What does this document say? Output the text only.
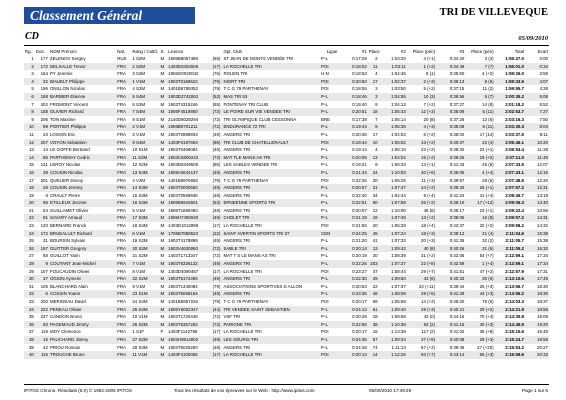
Classement Général	TRI DE VILLEVEQUE
CD	05/09/2010
Rg.	Dos.	NOM Prénom	Nat.	Rang / Cat.	Cl.	S.	Licence		Opt. Club	Ligue	#1	Place	#2	Place (pén)	#3	Place (pén)	Total	Ecart
1	177	ZELENOV Sergey	RUS	1 S2M		M	1906B8067489	(65)	ST JEAN DE MONTS VENDÉE TRI	P-L	0:17:29	2	1:03:20	4 (+1)	0:34:20	3 (3)	1:55:27.0	0:00
2	172	DELSALLE Trevor	FRA	2 S2M		M	1403D0402506	(17)	LA ROCHELLE TRI	POI	0:18:02	11	1:03:11	1 (+2)	0:34:48	7 (7)	1:56:01.0	0:34
3	164	PY Jeremie	FRA	3 S2M		M	1906G0020042	(76)	ROUEN TRI	H-N	0:18:53	4	1:04:45	8 (1)	0:35:50	4 (+2)	1:59:26.0	3:59
4	32	BIAUELT Philippe	FRA	1 V1M		M	1903T0169622	(79)	NIORT TRI	POI	0:20:50	17	1:02:37	2 (+3)	0:36:13	8 (6)	1:59:33.5	4:07
5	196	ONILLON Nicolas	FRA	4 S2M		M	1401B6789352	(79)	T C G 79 PARTHENAY	POI	0:18:55	3	1:03:50	5 (+2)	0:37:15	11 (2)	1:59:55.7	4:28
6	188	BARBIER Etienne	FRA	5 S4M		M	1903D2742062	(53)	MAS TRI 53	P-L	0:18:46	3	1:04:55	10 (3)	0:36:56	6 (7)	2:00:35.2	5:08
7	402	FROMONT Vincent	FRA	6 S3M		M	1903T4315246	(85)	FONTENAY TRI CLUB	P-L	0:19:40	9	1:04:13	7 (+2)	0:37:27	14 (8)	2:01:18.2	5:52
8	158	OLIVIER Richard	FRA	7 S4M		M	1906F4519950	(72)	LE POIRE SUR VIE VENDEE TRI	P-L	0:20:51	18	1:05:43	12 (+3)	0:35:09	5 (11)	2:02:53.7	7:27
9	206	TON Maxime	FRA	8 S1M		M	2140D6028294	(72)	TRI OLYMPIQUE CLUB CESSONNA	BRE	0:17:38	7	1:06:14	20 (8)	0:37:26	12 (6)	2:03:16.3	7:50
10	99	PORTIER Philippe	FRA	2 V1M		M	1906B0701211	(72)	ENDURANCE 72 TRI	P-L	0:19:44	9	1:05:36	4 (+3)	0:38:08	5 (11)	2:03:30.3	8:04
11	23	LOISON Eric	FRA	3 V1M		M	1903T0889933	(49)	ANGERS TRI	P-L	0:20:36	17	1:04:03	6 (+2)	0:38:02	17 (14)	2:03:37.5	8:11
12	207	VOYON Sebastien	FRA	9 S4M		M	1403F0197693	(85)	TRI CLUB DE CHATELLERAULT	POI	0:19:44	10	1:05:52	13 (+2)	0:40:07	22 (4)	2:05:46.1	10:20
13	14	LE GOFFE Bertrand	FRA	10 S1M		M	1903T0468084	(49)	ANGERS TRI	P-L	0:19:14	4	1:06:10	23 (+2)	0:39:32	24 (+1)	2:06:54.4	11:28
14	86	PARTHENAY Cedric	FRA	11 S2M		M	1903C6800243	(72)	MAT TLE MANS AS TRI	P-L	0:20:05	13	1:04:02	15 (+2)	0:39:26	19 (+2)	2:07:11.0	11:45
15	131	LEROY Nicolas	FRA	12 S2M		M	1903D6349500	(85)	LES SABLES VENDEE TRI	P-L	0:19:21	8	1:06:33	13 (+1)	0:41:43	45 (9)	2:07:33.5	12:07
16	38	COUSIN Nicolas	FRA	13 S4M		M	1906A0644137	(49)	ANGERS TRI	P-L	0:21:44	24	1:10:03	40 (+8)	0:35:06	4 (+4)	2:07:43.1	12:16
17	201	QUELIER Denny	FRA	4 V2M		M	1401B6976650	(79)	T C G 79 PARTHENAY	POI	0:22:26	20	1:05:25	11 (+3)	0:39:57	28 (6)	2:07:48.5	12:20
18	28	COUSIN Jeremy	FRA	14 S3M		M	1903T0000550	(49)	ANGERS TRI	P-L	0:20:57	21	1:07:47	24 (+2)	0:39:33	26 (+1)	2:07:57.2	12:31
19	8	CRAULT Pierre	FRA	15 S3M		M	1903T0569936	(49)	ANGERS TRI	P-L	0:22:40	34	1:04:44	9 (+4)	0:41:24	41 (+4)	2:08:45.7	13:19
20	95	ETILLEUX Jerome	FRA	16 S4M		M	1906B6915501	(53)	ERNEENNE SPORTS TRI	P-L	0:22:51	50	1:07:58	26 (+2)	0:38:10	17 (+12)	2:09:06.3	13:40
21	53	GUILLAMET Olivier	FRA	5 V1M		M	1906T1696450	(49)	ANGERS TRI	P-L	0:20:07	12	1:10:00	46 (8)	0:39:17	23 (+1)	2:09:22.4	13:56
22	81	SAVARY Arnaud	FRA	17 S3M		M	1906H7490040	(49)	CHOLET TRI	P-L	0:21:19	19	1:07:45	13 (+2)	0:39:06	16 (8)	2:09:57.2	14:31
23	120	BERNARD Franck	FRA	18 S4M		M	1403D1012999	(17)	LA ROCHELLE TRI	POI	0:21:56	20	1:06:28	18 (+4)	0:42:37	32 (+2)	2:09:58.2	14:32
24	172	BRUEALULT Richard	FRA	6 V1M		M	1706B7859523	(22)	SAINT AVERTIN SPORTS TRI 37	CEN	0:24:25	45	1:07:24	18 (+3)	0:39:12	21 (4)	2:11:04.6	15:38
25	31	BOURSIN Sylvain	FRA	19 S2M		M	1903T4178899	(49)	ANGERS TRI	P-L	0:21:20	41	1:07:33	20 (+3)	0:41:35	32 (2)	2:11:05.7	15:38
26	167	GUITTER Gregory	FRA	20 S3M		M	1903V4630060	(72)	SABLE TRI	P-L	0:20:14	13	1:09:42	40 (8)	0:40:26	31 (6)	2:11:05.2	16:32
27	68	GUILLOT Yann	FRA	21 S2M		M	1403T1713347	(72)	MAT T S LE MANS AS TRI	P-L	0:20:19	20	1:08:39	31 (+2)	0:42:06	54 (+7)	2:12:59.1	17:34
28	9	COUTANT Jean-Michel	FRA	7 V1M		M	1903T6326132	(49)	ANGERS TRI	P-L	0:22:26	203	1:07:37	22 (+8)	0:42:59	1 (+4)	2:12:59.1	17:34
29	107	FOUCAUDIN Olivier	FRA	8 V1M		M	1403D4090467	(17)	LA ROCHELLE TRI	POI	0:23:27	47	1:08:44	29 (+7)	0:41:51	47 (+2)	2:12:57.9	17:31
30	37	OGION Aymeric	FRA	22 S2M		M	1903T6174496	(49)	ANGERS TRI	P-L	0:22:30	29	1:09:50	43 (6)	0:40:33	30 (6)	2:13:10.6	17:45
31	105	BLANCHARD Alain	FRA	9 V1M		M	1903T1440084	(79)	ASSOCIATIONS SPORTIVES D ALLON	P-L	0:20:53	22	1:07:37	22 (+11)	0:39:44	25 (+3)	2:13:56.7	18:30
32	6	COSSIN Yoann	FRA	23 S1M		M	1903T6068164	(49)	ANGERS TRI	P-L	0:23:35	48	1:08:08	29 (+5)	0:41:28	44 (+3)	2:13:56.2	18:30
33	200	MERIGEAU David	FRA	24 S4M		M	1401B6957226	(79)	T C G 79 PARTHENAY	POI	0:20:17	69	1:05:58	14 (+2)	0:45:20	76 (6)	2:14:03.3	18:37
34	222	PENEAU Olivier	FRA	25 S4M		M	1906Y6002347	(44)	TRI VENDEE SAINT SEBASTIEN	P-L	0:24:13	61	1:09:40	29 (+3)	0:40:21	29 (+2)	2:14:21.9	18:55
35	227	CANDON Bruno	FRA	10 V1M		M	1903T1720448	(72)	VSF TRI	P-L	0:20:28	18	1:09:58	43 (0)	0:44:16	70 (+4)	2:14:35.8	19:09
36	93	PAGEMAUD Jimmy	FRA	26 S2M		M	1903T6357282	(72)	PARIGNE TRI	P-L	0:22:55	38	1:10:36	53 (2)	0:41:15	40 (+3)	2:14:45.9	19:20
37	119	MOY Clemence	FRA	1 S1F		F	1403F1142799	(17)	LA ROCHELLE TRI	POI	0:20:17	15	1:13:38	117 (2)	0:41:02	36 (+8)	2:15:15.6	19:49
38	15	PAUCHARD Jimmy	FRA	27 S2M		M	1903H9914002	(49)	LES SOURIS TRI	P-L	0:24:36	57	1:09:34	37 (+9)	0:40:08	28 (+3)	2:15:24.7	19:58
39	42	PRIOU Romain	FRA	28 S3M		M	1903T6026250	(49)	ANGERS TRI	P-L	0:24:48	74	1:11:13	67 (+2)	0:39:49	27 (+20)	2:15:53.2	20:27
40	116	TROUCHE Bruno	FRA	11 V1M		M	1403F4100056	(17)	LA ROCHELLE TRI	POI	0:20:14	14	1:12:25	93 (+7)	0:43:14	66 (+3)	2:15:59.6	20:33
IPITOS Chrono. Résultats (6.0) © 1992-2005 IPITOS	Tous les résultats de vos épreuves sur le Web : http://www.ipitos.com	05/09/2010 17:49:29	Page 1 sur 6
